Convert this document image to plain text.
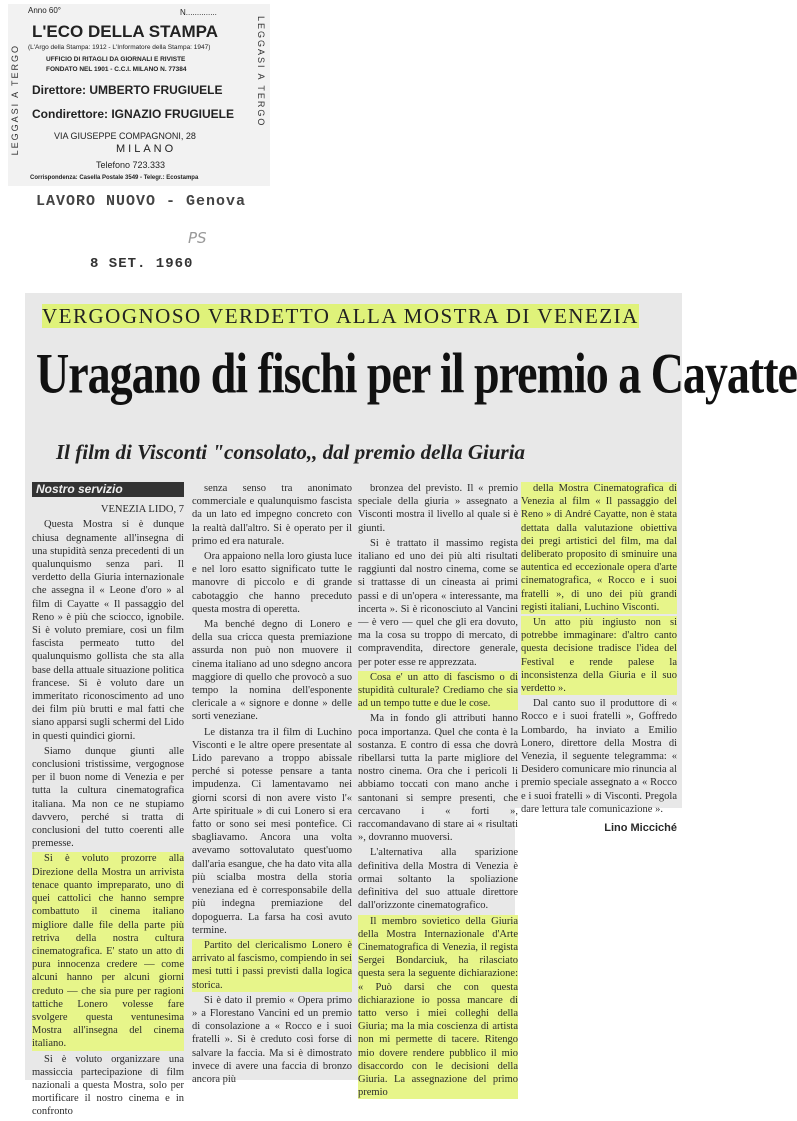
LEGGASI A TERGO	LEGGASI A TERGO
Anno 60°	N..............
L'ECO DELLA STAMPA
(L'Argo della Stampa: 1912 - L'Informatore della Stampa: 1947)
UFFICIO DI RITAGLI DA GIORNALI E RIVISTE
FONDATO NEL 1901 - C.C.I. MILANO N. 77384
Direttore: UMBERTO FRUGIUELE
Condirettore: IGNAZIO FRUGIUELE
VIA GIUSEPPE COMPAGNONI, 28
MILANO
Telefono 723.333
Corrispondenza: Casella Postale 3549 - Telegr.: Ecostampa
LAVORO NUOVO - Genova
PS
8 SET. 1960
VERGOGNOSO VERDETTO ALLA MOSTRA DI VENEZIA
Uragano di fischi per il premio a Cayatte
Il film di Visconti "consolato,, dal premio della Giuria
Nostro servizio
VENEZIA LIDO, 7

Questa Mostra si è dunque chiusa degnamente all'insegna di una stupidità senza precedenti di un qualunquismo senza pari. Il verdetto della Giuria internazionale che assegna il « Leone d'oro » al film di Cayatte « Il passaggio del Reno » è più che sciocco, ignobile. Si è voluto premiare, così un film fascista permeato tutto del qualunquismo gollista che sta alla base della attuale situazione politica francese. Si è voluto dare un immeritato riconoscimento ad uno dei film più brutti e mal fatti che siano apparsi sugli schermi del Lido in questi quindici giorni.

Siamo dunque giunti alle conclusioni tristissime, vergognose per il buon nome di Venezia e per tutta la cultura cinematografica italiana. Ma non ce ne stupiamo davvero, perché si tratta di conclusioni del tutto coerenti alle premesse.

Si è voluto prozorre alla Direzione della Mostra un arrivista tenace quanto impreparato, uno di quei cattolici che hanno sempre combattuto il cinema italiano migliore dalle file della parte più retriva della nostra cultura cinematografica. E' stato un atto di pura innocenza credere — come alcuni hanno per alcuni giorni creduto — che sia pure per ragioni tattiche Lonero volesse fare svolgere questa ventunesima Mostra all'insegna del cinema italiano.

Si è voluto organizzare una massiccia partecipazione di film nazionali a questa Mostra, solo per mortificare il nostro cinema e in confronto

senza senso tra anonimato commerciale e qualunquismo fascista da un lato ed impegno concreto con la realtà dall'altro. Si è operato per il primo ed era naturale.

Ora appaiono nella loro giusta luce e nel loro esatto significato tutte le manovre di piccolo e di grande cabotaggio che hanno preceduto questa mostra di operetta.

Ma benché degno di Lonero e della sua cricca questa premiazione assurda non può non muovere il cinema italiano ad uno sdegno ancora maggiore di quello che provocò a suo tempo la nomina dell'esponente clericale a « signore e donne » delle sorti veneziane.

Le distanza tra il film di Luchino Visconti e le altre opere presentate al Lido parevano a troppo abissale perché si potesse pensare a tanta impudenza. Ci lamentavamo nei giorni scorsi di non avere visto l'« Arte spirituale » di cui Lonero si era fatto or sono sei mesi pontefice. Ci sbagliavamo. Ancora una volta avevamo sottovalutato quest'uomo dall'aria esangue, che ha dato vita alla più scialba mostra della storia veneziana ed è corresponsabile della più indegna premiazione del dopoguerra. La farsa ha così avuto termine.

Partito del clericalismo Lonero è arrivato al fascismo, compiendo in sei mesi tutti i passi previsti dalla logica storica.

Si è dato il premio « Opera primo » a Florestano Vancini ed un premio di consolazione a « Rocco e i suoi fratelli ». Si è creduto così forse di salvare la faccia. Ma si è dimostrato invece di avere una faccia di bronzo ancora più

bronzea del previsto. Il « premio speciale della giuria » assegnato a Visconti mostra il livello al quale si è giunti.

Si è trattato il massimo regista italiano ed uno dei più alti risultati raggiunti dal nostro cinema, come se si trattasse di un cineasta ai primi passi e di un'opera « interessante, ma incerta ». Si è riconosciuto al Vancini — è vero — quel che gli era dovuto, ma la cosa su troppo di mercato, di compravendita, directore generale, per poter esse re apprezzata.

Cosa e' un atto di fascismo o di stupidità culturale? Crediamo che sia ad un tempo tutte e due le cose.

Ma in fondo gli attributi hanno poca importanza. Quel che conta è la sostanza. E contro di essa che dovrà ribellarsi tutta la parte migliore del nostro cinema. Ora che i pericoli li abbiamo toccati con mano anche i santonani si sempre presenti, che cercavano i « forti », raccomandavano di stare ai « risultati », dovranno muoversi.

L'alternativa alla sparizione definitiva della Mostra di Venezia è ormai soltanto la spoliazione definitiva del suo attuale direttore dall'orizzonte cinematografico.

Il membro sovietico della Giuria della Mostra Internazionale d'Arte Cinematografica di Venezia, il regista Sergei Bondarciuk, ha rilasciato questa sera la seguente dichiarazione: « Può darsi che con questa dichiarazione io possa mancare di tatto verso i miei colleghi della Giuria; ma la mia coscienza di artista non mi permette di tacere. Ritengo mio dovere rendere pubblico il mio disaccordo con le decisioni della Giuria. La assegnazione del primo premio

della Mostra Cinematografica di Venezia al film « Il passaggio del Reno » di André Cayatte, non è stata dettata dalla valutazione obiettiva dei pregi artistici del film, ma dal deliberato proposito di sminuire una autentica ed eccezionale opera d'arte cinematografica, « Rocco e i suoi fratelli », di uno dei più grandi registi italiani, Luchino Visconti.

Un atto più ingiusto non si potrebbe immaginare: d'altro canto questa decisione tradisce l'idea del Festival e rende palese la inconsistenza della Giuria e il suo verdetto ».

Dal canto suo il produttore di « Rocco e i suoi fratelli », Goffredo Lombardo, ha inviato a Emilio Lonero, direttore della Mostra di Venezia, il seguente telegramma: « Desidero comunicare mio rinuncia al premio speciale assegnato a « Rocco e i suoi fratelli » di Visconti. Pregola dare lettura tale comunicazione ».

Lino Micciché
